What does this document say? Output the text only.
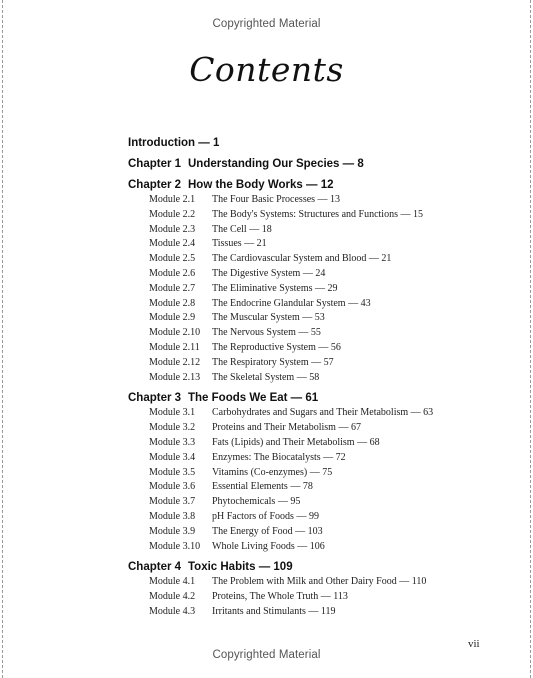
Copyrighted Material
Contents
Introduction — 1
Chapter 1 Understanding Our Species — 8
Chapter 2 How the Body Works — 12
Module 2.1 The Four Basic Processes — 13
Module 2.2 The Body's Systems: Structures and Functions — 15
Module 2.3 The Cell — 18
Module 2.4 Tissues — 21
Module 2.5 The Cardiovascular System and Blood — 21
Module 2.6 The Digestive System — 24
Module 2.7 The Eliminative Systems — 29
Module 2.8 The Endocrine Glandular System — 43
Module 2.9 The Muscular System — 53
Module 2.10 The Nervous System — 55
Module 2.11 The Reproductive System — 56
Module 2.12 The Respiratory System — 57
Module 2.13 The Skeletal System — 58
Chapter 3 The Foods We Eat — 61
Module 3.1 Carbohydrates and Sugars and Their Metabolism — 63
Module 3.2 Proteins and Their Metabolism — 67
Module 3.3 Fats (Lipids) and Their Metabolism — 68
Module 3.4 Enzymes: The Biocatalysts — 72
Module 3.5 Vitamins (Co-enzymes) — 75
Module 3.6 Essential Elements — 78
Module 3.7 Phytochemicals — 95
Module 3.8 pH Factors of Foods — 99
Module 3.9 The Energy of Food — 103
Module 3.10 Whole Living Foods — 106
Chapter 4 Toxic Habits — 109
Module 4.1 The Problem with Milk and Other Dairy Food — 110
Module 4.2 Proteins, The Whole Truth — 113
Module 4.3 Irritants and Stimulants — 119
vii
Copyrighted Material
